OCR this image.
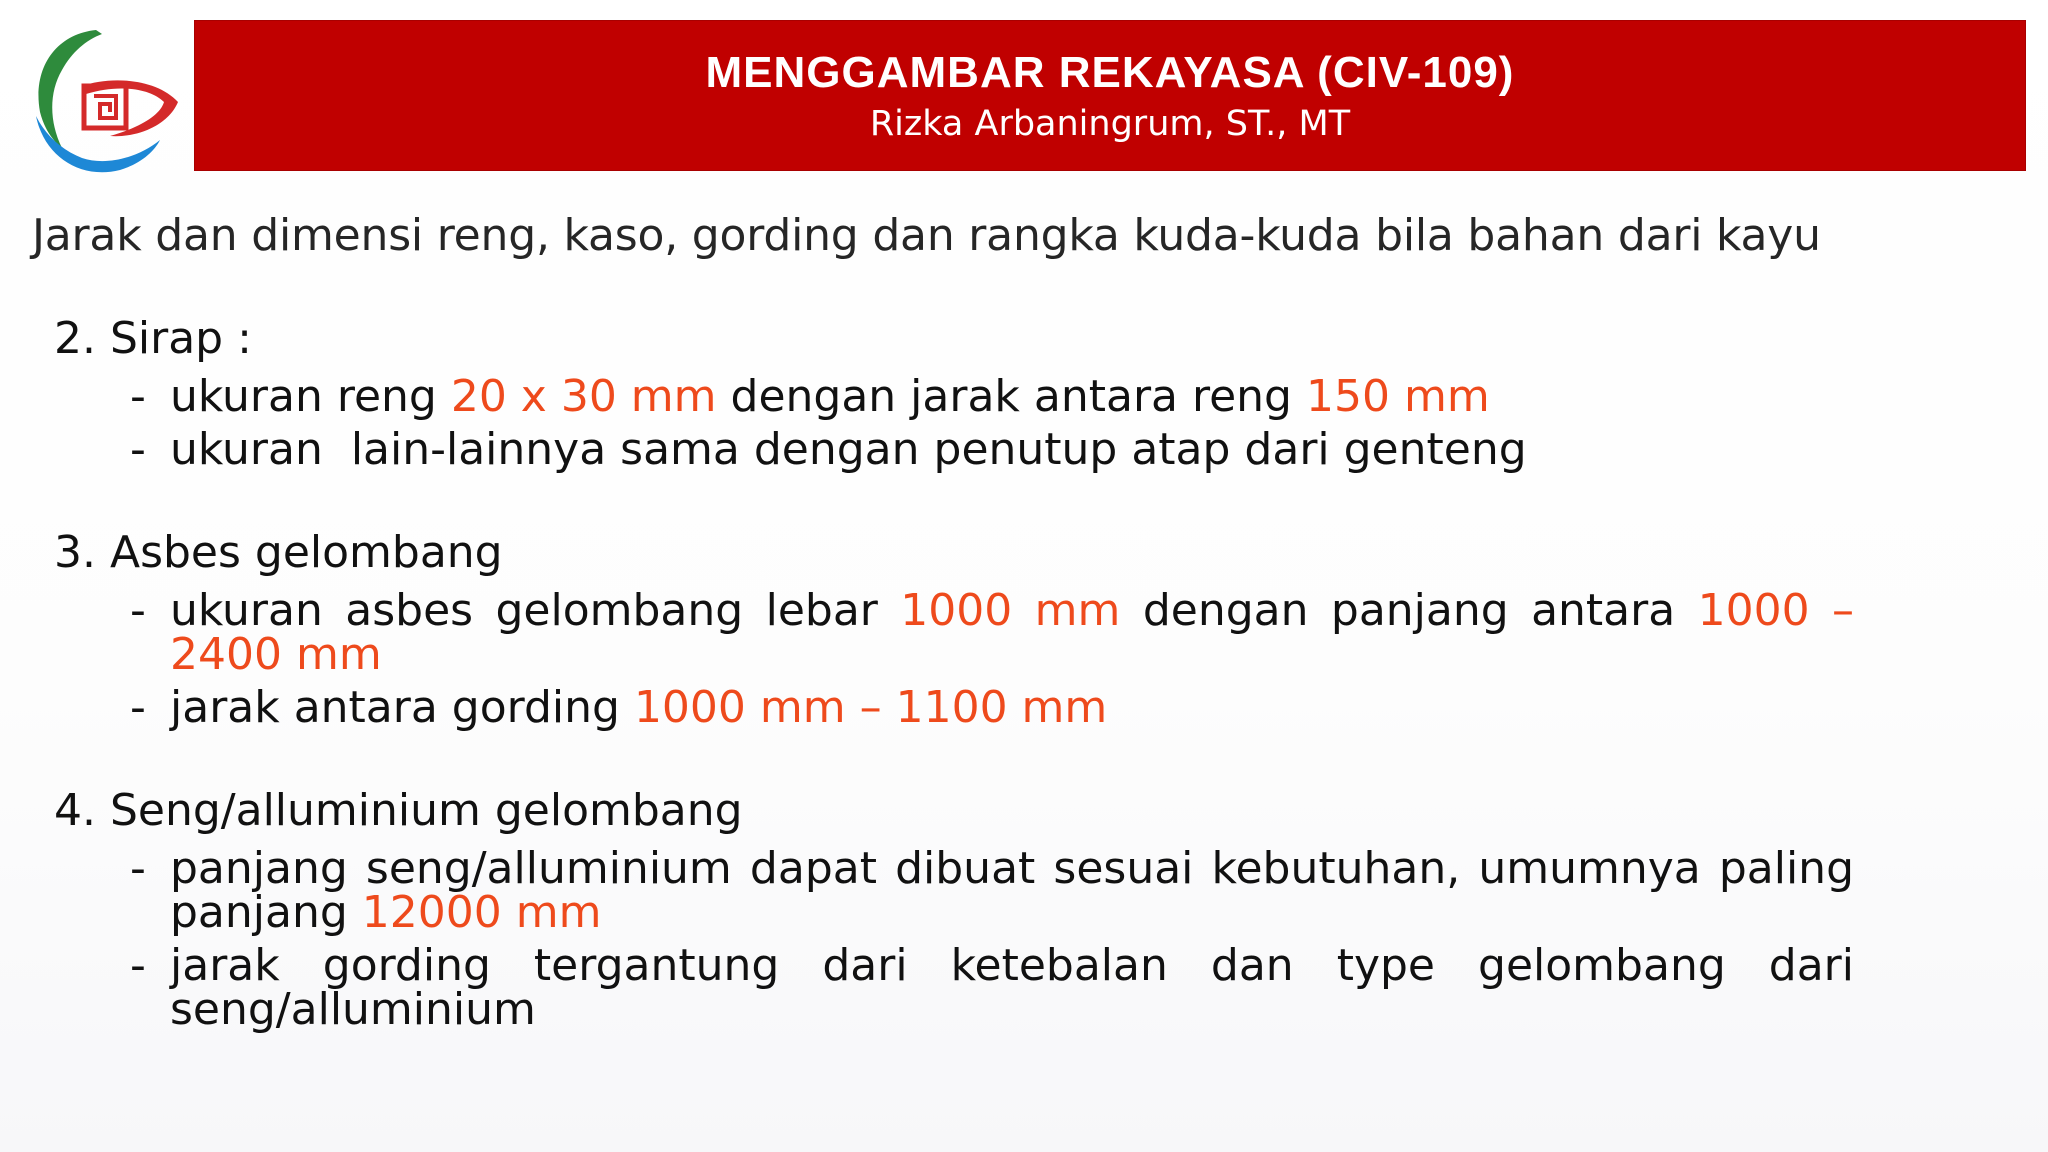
MENGGAMBAR REKAYASA (CIV-109)
Rizka Arbaningrum, ST., MT
Jarak dan dimensi reng, kaso, gording dan rangka kuda-kuda bila bahan dari kayu
2. Sirap :
- ukuran reng 20 x 30 mm dengan jarak antara reng 150 mm
- ukuran  lain-lainnya sama dengan penutup atap dari genteng
3. Asbes gelombang
- ukuran asbes gelombang lebar 1000 mm dengan panjang antara 1000 – 2400 mm
- jarak antara gording 1000 mm – 1100 mm
4. Seng/alluminium gelombang
- panjang seng/alluminium dapat dibuat sesuai kebutuhan, umumnya paling panjang 12000 mm
- jarak gording tergantung dari ketebalan dan type gelombang dari seng/alluminium
